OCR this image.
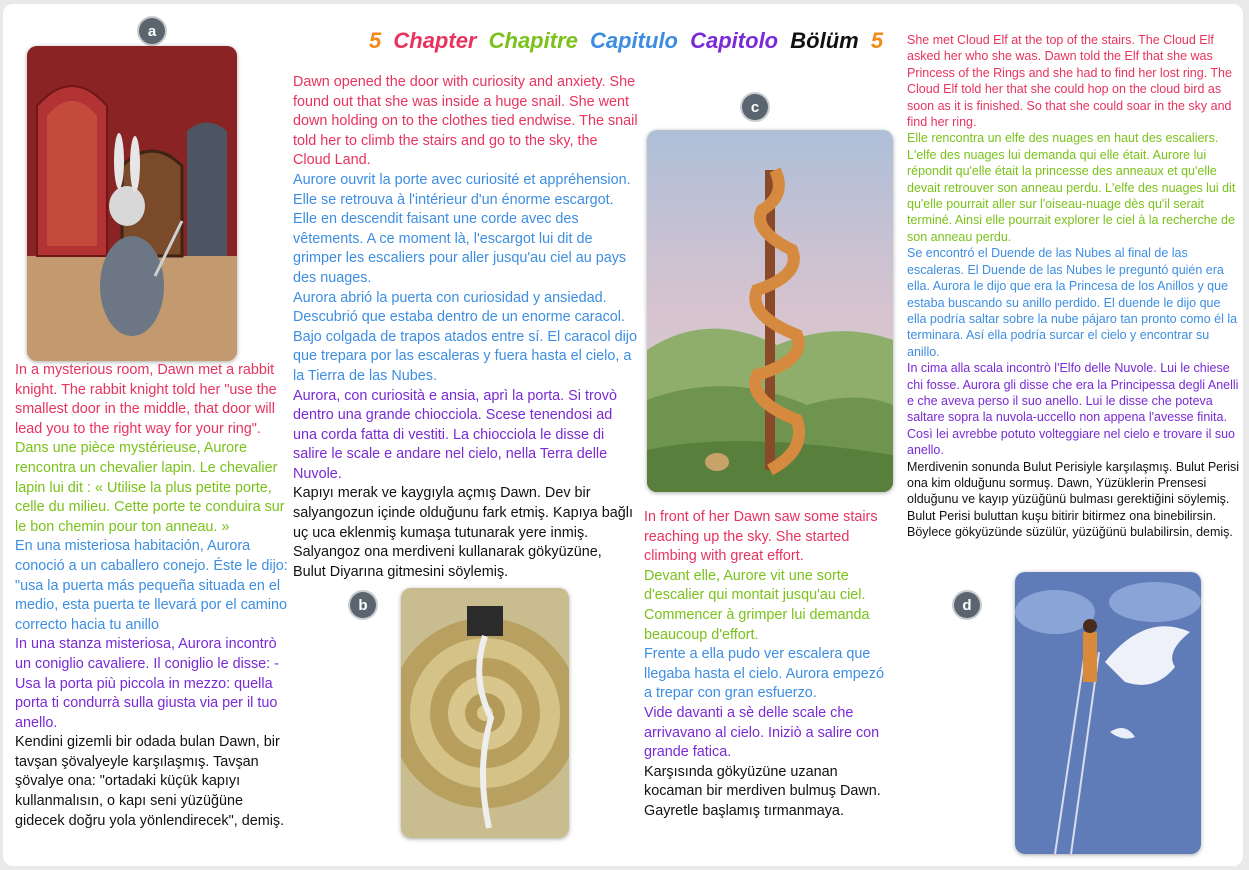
5 Chapter Chapitre Capitulo Capitolo Bölüm 5
a
b
c
d

In a mysterious room, Dawn met a rabbit knight. The rabbit knight told her "use the smallest door in the middle, that door will lead you to the right way for your ring".

Dans une pièce mystérieuse, Aurore rencontra un chevalier lapin. Le chevalier lapin lui dit : « Utilise la plus petite porte, celle du milieu. Cette porte te conduira sur le bon chemin pour ton anneau. »

En una misteriosa habitación, Aurora conoció a un caballero conejo. Éste le dijo: "usa la puerta más pequeña situada en el medio, esta puerta te llevará por el camino correcto hacia tu anillo

In una stanza misteriosa, Aurora incontrò un coniglio cavaliere. Il coniglio le disse: - Usa la porta più piccola in mezzo: quella porta ti condurrà sulla giusta via per il tuo anello.

Kendini gizemli bir odada bulan Dawn, bir tavşan şövalyeyle karşılaşmış. Tavşan şövalye ona: "ortadaki küçük kapıyı kullanmalısın, o kapı seni yüzüğüne gidecek doğru yola yönlendirecek", demiş.

Dawn opened the door with curiosity and anxiety. She found out that she was inside a huge snail. She went down holding on to the clothes tied endwise. The snail told her to climb the stairs and go to the sky, the Cloud Land.

Aurore ouvrit la porte avec curiosité et appréhension. Elle se retrouva à l'intérieur d'un énorme escargot. Elle en descendit faisant une corde avec des vêtements. A ce moment là, l'escargot lui dit de grimper les escaliers pour aller jusqu'au ciel au pays des nuages.

Aurora abrió la puerta con curiosidad y ansiedad. Descubrió que estaba dentro de un enorme caracol. Bajo colgada de trapos atados entre sí. El caracol dijo que trepara por las escaleras y fuera hasta el cielo, a la Tierra de las Nubes.

Aurora, con curiosità e ansia, aprì la porta. Si trovò dentro una grande chiocciola. Scese tenendosi ad una corda fatta di vestiti. La chiocciola le disse di salire le scale e andare nel cielo, nella Terra delle Nuvole.

Kapıyı merak ve kaygıyla açmış Dawn. Dev bir salyangozun içinde olduğunu fark etmiş. Kapıya bağlı uç uca eklenmiş kumaşa tutunarak yere inmiş. Salyangoz ona merdiveni kullanarak gökyüzüne, Bulut Diyarına gitmesini söylemiş.

In front of her Dawn saw some stairs reaching up the sky. She started climbing with great effort.

Devant elle, Aurore vit une sorte d'escalier qui montait jusqu'au ciel. Commencer à grimper lui demanda beaucoup d'effort.

Frente a ella pudo ver escalera que llegaba hasta el cielo. Aurora empezó a trepar con gran esfuerzo.

Vide davanti a sè delle scale che arrivavano al cielo. Iniziò a salire con grande fatica.

Karşısında gökyüzüne uzanan kocaman bir merdiven bulmuş Dawn. Gayretle başlamış tırmanmaya.

She met Cloud Elf at the top of the stairs. The Cloud Elf asked her who she was. Dawn told the Elf that she was Princess of the Rings and she had to find her lost ring. The Cloud Elf told her that she could hop on the cloud bird as soon as it is finished. So that she could soar in the sky and find her ring.

Elle rencontra un elfe des nuages en haut des escaliers. L'elfe des nuages lui demanda qui elle était. Aurore lui répondit qu'elle était la princesse des anneaux et qu'elle devait retrouver son anneau perdu. L'elfe des nuages lui dit qu'elle pourrait aller sur l'oiseau-nuage dès qu'il serait terminé. Ainsi elle pourrait explorer le ciel à la recherche de son anneau perdu.

Se encontró el Duende de las Nubes al final de las escaleras. El Duende de las Nubes le preguntó quién era ella. Aurora le dijo que era la Princesa de los Anillos y que estaba buscando su anillo perdido. El duende le dijo que ella podría saltar sobre la nube pájaro tan pronto como él la terminara. Así ella podría surcar el cielo y encontrar su anillo.

In cima alla scala incontrò l'Elfo delle Nuvole. Lui le chiese chi fosse. Aurora gli disse che era la Principessa degli Anelli e che aveva perso il suo anello. Lui le disse che poteva saltare sopra la nuvola-uccello non appena l'avesse finita. Così lei avrebbe potuto volteggiare nel cielo e trovare il suo anello.

Merdivenin sonunda Bulut Perisiyle karşılaşmış. Bulut Perisi ona kim olduğunu sormuş. Dawn, Yüzüklerin Prensesi olduğunu ve kayıp yüzüğünü bulması gerektiğini söylemiş. Bulut Perisi buluttan kuşu bitirir bitirmez ona binebilirsin. Böylece gökyüzünde süzülür, yüzüğünü bulabilirsin, demiş.
